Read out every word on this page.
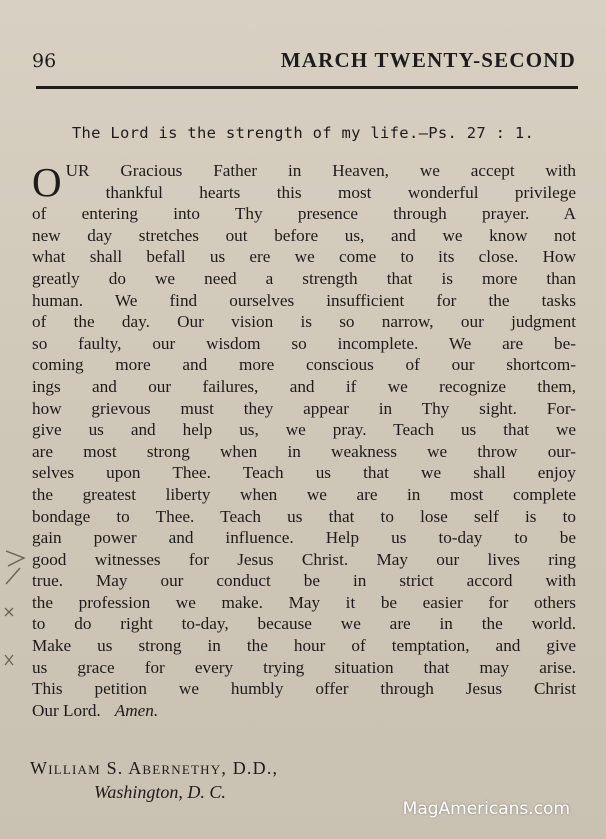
96	MARCH TWENTY-SECOND
The Lord is the strength of my life.—Ps. 27 : 1.
O UR Gracious Father in Heaven, we accept with
thankful hearts this most wonderful privilege
of entering into Thy presence through prayer. A
new day stretches out before us, and we know not
what shall befall us ere we come to its close. How
greatly do we need a strength that is more than
human. We find ourselves insufficient for the tasks
of the day. Our vision is so narrow, our judgment
so faulty, our wisdom so incomplete. We are be-
coming more and more conscious of our shortcom-
ings and our failures, and if we recognize them,
how grievous must they appear in Thy sight. For-
give us and help us, we pray. Teach us that we
are most strong when in weakness we throw our-
selves upon Thee. Teach us that we shall enjoy
the greatest liberty when we are in most complete
bondage to Thee. Teach us that to lose self is to
gain power and influence. Help us to-day to be
good witnesses for Jesus Christ. May our lives ring
true. May our conduct be in strict accord with
the profession we make. May it be easier for others
to do right to-day, because we are in the world.
Make us strong in the hour of temptation, and give
us grace for every trying situation that may arise.
This petition we humbly offer through Jesus Christ
Our Lord. Amen.
William S. Abernethy, D.D.,
Washington, D. C.
MagAmericans.com
